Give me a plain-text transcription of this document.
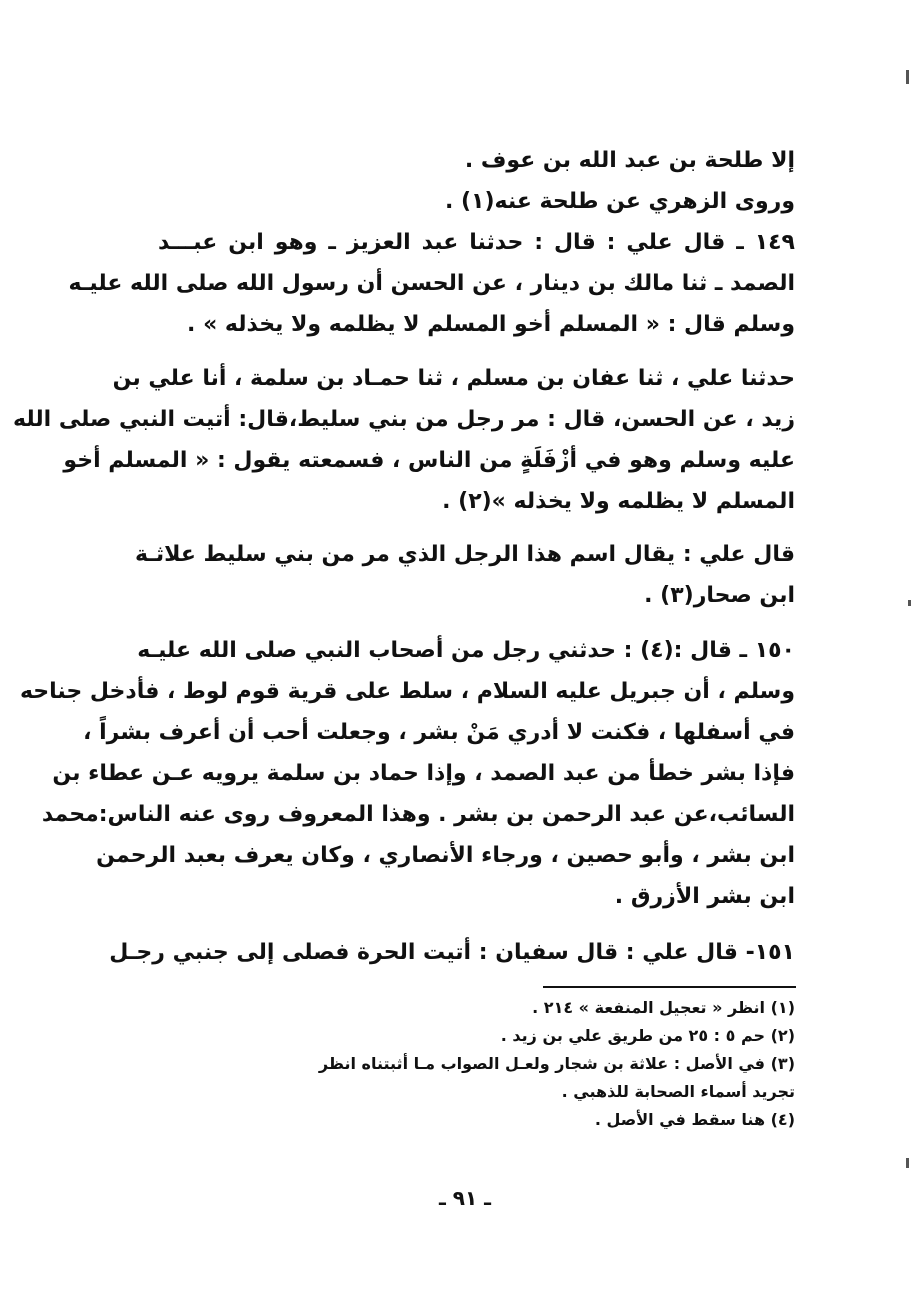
إلا طلحة بن عبد الله بن عوف .
وروى الزهري عن طلحة عنه(١) .
١٤٩ ـ قال علي : قال : حدثنا عبد العزيز ـ وهو ابن عبـــد
الصمد ـ ثنا مالك بن دينار ، عن الحسن أن رسول الله صلى الله عليـه
وسلم قال : « المسلم أخو المسلم لا يظلمه ولا يخذله » .
حدثنا علي ، ثنا عفان بن مسلم ، ثنا حمـاد بن سلمة ، أنا علي بن
زيد ، عن الحسن، قال : مر رجل من بني سليط،قال: أتيت النبي صلى الله
عليه وسلم وهو في أزْفَلَةٍ من الناس ، فسمعته يقول : « المسلم أخو
المسلم لا يظلمه ولا يخذله »(٢) .
قال علي : يقال اسم هذا الرجل الذي مر من بني سليط علاثـة
ابن صحار(٣) .
١٥٠ ـ قال :(٤) : حدثني رجل من أصحاب النبي صلى الله عليـه
وسلم ، أن جبريل عليه السلام ، سلط على قرية قوم لوط ، فأدخل جناحه
في أسفلها ، فكنت لا أدري مَنْ بشر ، وجعلت أحب أن أعرف بشراً ،
فإذا بشر خطأ من عبد الصمد ، وإذا حماد بن سلمة يرويه عـن عطاء بن
السائب،عن عبد الرحمن بن بشر . وهذا المعروف روى عنه الناس:محمد
ابن بشر ، وأبو حصين ، ورجاء الأنصاري ، وكان يعرف بعبد الرحمن
ابن بشر الأزرق .
١٥١- قال علي : قال سفيان : أتيت الحرة فصلى إلى جنبي رجـل
(١) انظر « تعجيل المنفعة » ٢١٤ .
(٢) حم ٥ : ٢٥ من طريق علي بن زيد .
(٣) في الأصل : علاثة بن شجار ولعـل الصواب مـا أثبتناه انظر
تجريد أسماء الصحابة للذهبي .
(٤) هنا سقط في الأصل .
ـ ٩١ ـ
